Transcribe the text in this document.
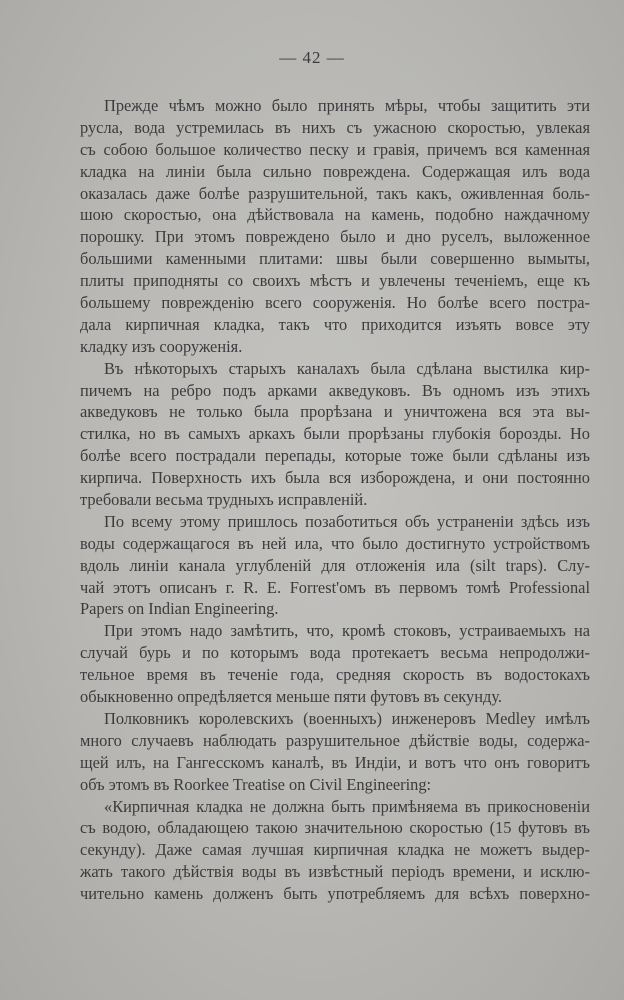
— 42 —
Прежде чѣмъ можно было принять мѣры, чтобы защитить эти
русла, вода устремилась въ нихъ съ ужасною скоростью, увлекая
съ собою большое количество песку и гравія, причемъ вся каменная
кладка на линіи была сильно повреждена. Содержащая илъ вода
оказалась даже болѣе разрушительной, такъ какъ, оживленная боль-
шою скоростью, она дѣйствовала на камень, подобно наждачному
порошку. При этомъ повреждено было и дно руселъ, выложенное
большими каменными плитами: швы были совершенно вымыты,
плиты приподняты со своихъ мѣстъ и увлечены теченіемъ, еще къ
большему поврежденію всего сооруженія. Но болѣе всего постра-
дала кирпичная кладка, такъ что приходится изъять вовсе эту
кладку изъ сооруженія.
Въ нѣкоторыхъ старыхъ каналахъ была сдѣлана выстилка кир-
пичемъ на ребро подъ арками акведуковъ. Въ одномъ изъ этихъ
акведуковъ не только была прорѣзана и уничтожена вся эта вы-
стилка, но въ самыхъ аркахъ были прорѣзаны глубокія борозды. Но
болѣе всего пострадали перепады, которые тоже были сдѣланы изъ
кирпича. Поверхность ихъ была вся изборождена, и они постоянно
требовали весьма трудныхъ исправленій.
По всему этому пришлось позаботиться объ устраненіи здѣсь изъ
воды содержащагося въ ней ила, что было достигнуто устройствомъ
вдоль линіи канала углубленій для отложенія ила (silt traps). Слу-
чай этотъ описанъ г. R. E. Forrest'омъ въ первомъ томѣ Professional
Papers on Indian Engineering.
При этомъ надо замѣтить, что, кромѣ стоковъ, устраиваемыхъ на
случай бурь и по которымъ вода протекаетъ весьма непродолжи-
тельное время въ теченіе года, средняя скорость въ водостокахъ
обыкновенно опредѣляется меньше пяти футовъ въ секунду.
Полковникъ королевскихъ (военныхъ) инженеровъ Medley имѣлъ
много случаевъ наблюдать разрушительное дѣйствіе воды, содержа-
щей илъ, на Гангесскомъ каналѣ, въ Индіи, и вотъ что онъ говоритъ
объ этомъ въ Roorkee Treatise on Civil Engineering:
«Кирпичная кладка не должна быть примѣняема въ прикосновеніи
съ водою, обладающею такою значительною скоростью (15 футовъ въ
секунду). Даже самая лучшая кирпичная кладка не можетъ выдер-
жать такого дѣйствія воды въ извѣстный періодъ времени, и исклю-
чительно камень долженъ быть употребляемъ для всѣхъ поверхно-
